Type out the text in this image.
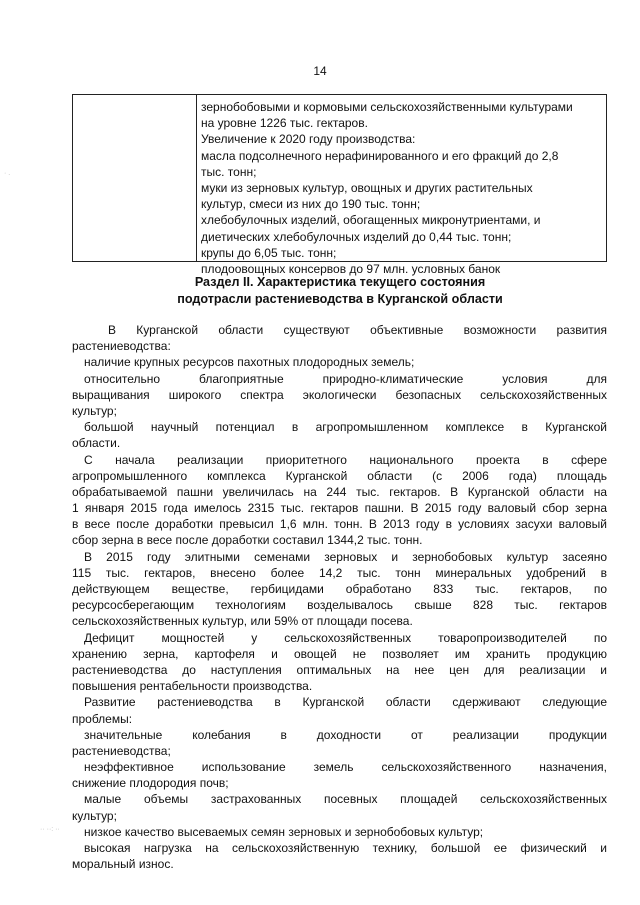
14
зернобобовыми и кормовыми сельскохозяйственными культурами
на уровне 1226 тыс. гектаров.
Увеличение к 2020 году производства:
масла подсолнечного нерафинированного и его фракций до 2,8
тыс. тонн;
муки из зерновых культур, овощных и других растительных
культур, смеси из них до 190 тыс. тонн;
хлебобулочных изделий, обогащенных микронутриентами, и
диетических хлебобулочных изделий до 0,44 тыс. тонн;
крупы до 6,05 тыс. тонн;
плодоовощных консервов до 97 млн. условных банок
Раздел II. Характеристика текущего состояния
подотрасли растениеводства в Курганской области
В Курганской области существуют объективные возможности развития
растениеводства:
наличие крупных ресурсов пахотных плодородных земель;
относительно благоприятные природно-климатические условия для
выращивания широкого спектра экологически безопасных сельскохозяйственных
культур;
большой научный потенциал в агропромышленном комплексе в Курганской
области.
С начала реализации приоритетного национального проекта в сфере
агропромышленного комплекса Курганской области (с 2006 года) площадь
обрабатываемой пашни увеличилась на 244 тыс. гектаров. В Курганской области на
1 января 2015 года имелось 2315 тыс. гектаров пашни. В 2015 году валовый сбор зерна
в весе после доработки превысил 1,6 млн. тонн. В 2013 году в условиях засухи валовый
сбор зерна в весе после доработки составил 1344,2 тыс. тонн.
В 2015 году элитными семенами зерновых и зернобобовых культур засеяно
115 тыс. гектаров, внесено более 14,2 тыс. тонн минеральных удобрений в
действующем веществе, гербицидами обработано 833 тыс. гектаров, по
ресурсосберегающим технологиям возделывалось свыше 828 тыс. гектаров
сельскохозяйственных культур, или 59% от площади посева.
Дефицит мощностей у сельскохозяйственных товаропроизводителей по
хранению зерна, картофеля и овощей не позволяет им хранить продукцию
растениеводства до наступления оптимальных на нее цен для реализации и
повышения рентабельности производства.
Развитие растениеводства в Курганской области сдерживают следующие
проблемы:
значительные колебания в доходности от реализации продукции
растениеводства;
неэффективное использование земель сельскохозяйственного назначения,
снижение плодородия почв;
малые объемы застрахованных посевных площадей сельскохозяйственных
культур;
низкое качество высеваемых семян зерновых и зернобобовых культур;
высокая нагрузка на сельскохозяйственную технику, большой ее физический и
моральный износ.
· .
·· ··: ··
